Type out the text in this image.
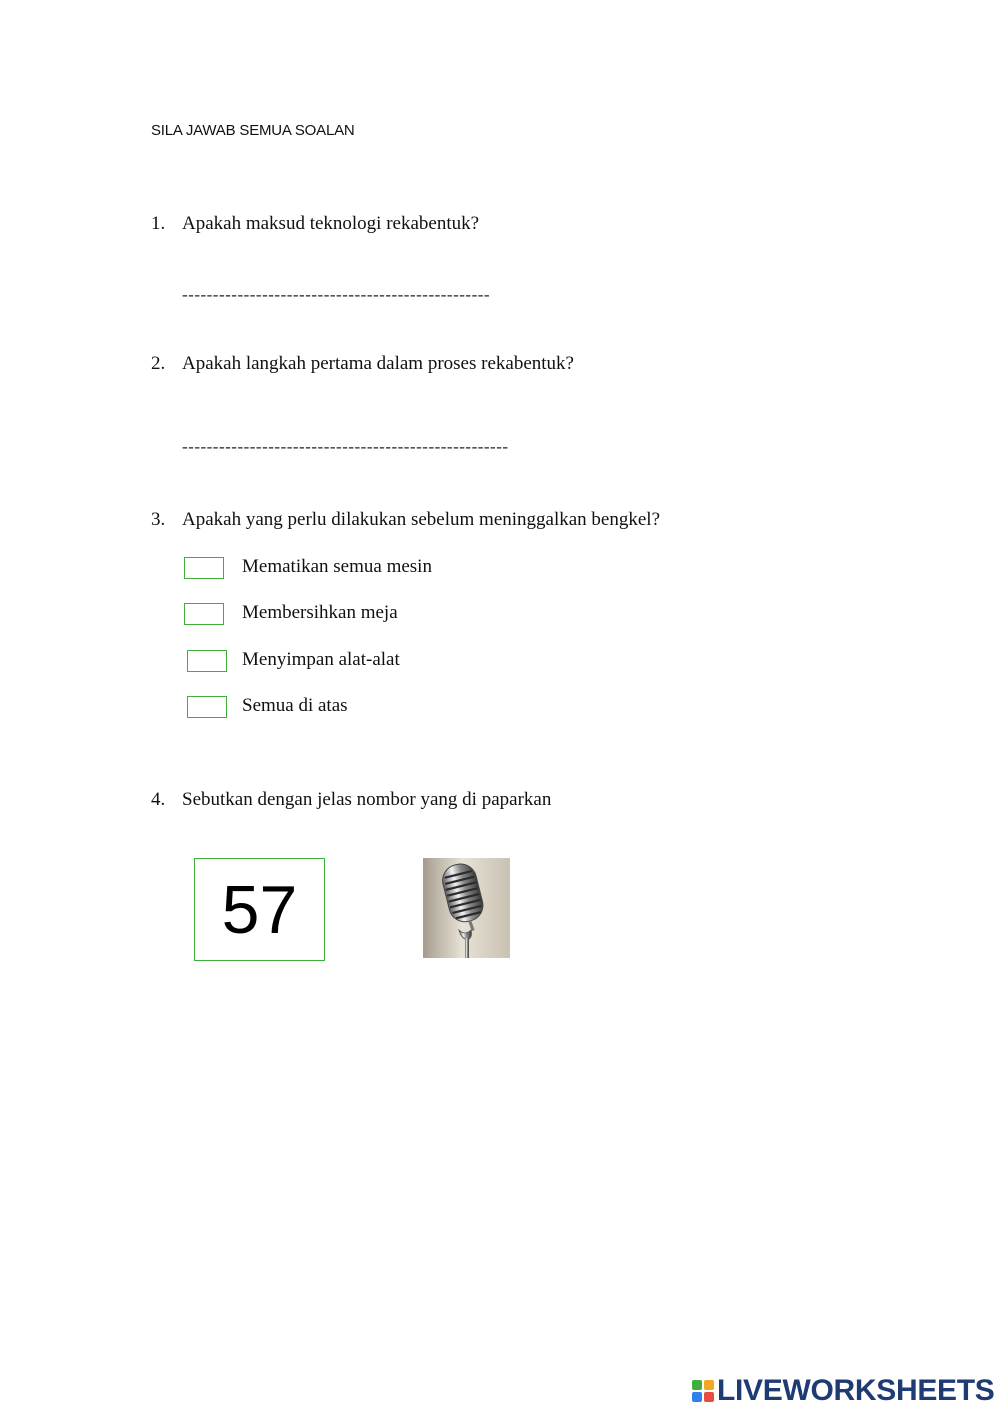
SILA JAWAB SEMUA SOALAN
1. Apakah maksud teknologi rekabentuk?
--------------------------------------------------
2. Apakah langkah pertama dalam proses rekabentuk?
-----------------------------------------------------
3. Apakah yang perlu dilakukan sebelum meninggalkan bengkel?
Mematikan semua mesin
Membersihkan meja
Menyimpan alat-alat
Semua di atas
4. Sebutkan dengan jelas nombor yang di paparkan
57
LIVEWORKSHEETS
